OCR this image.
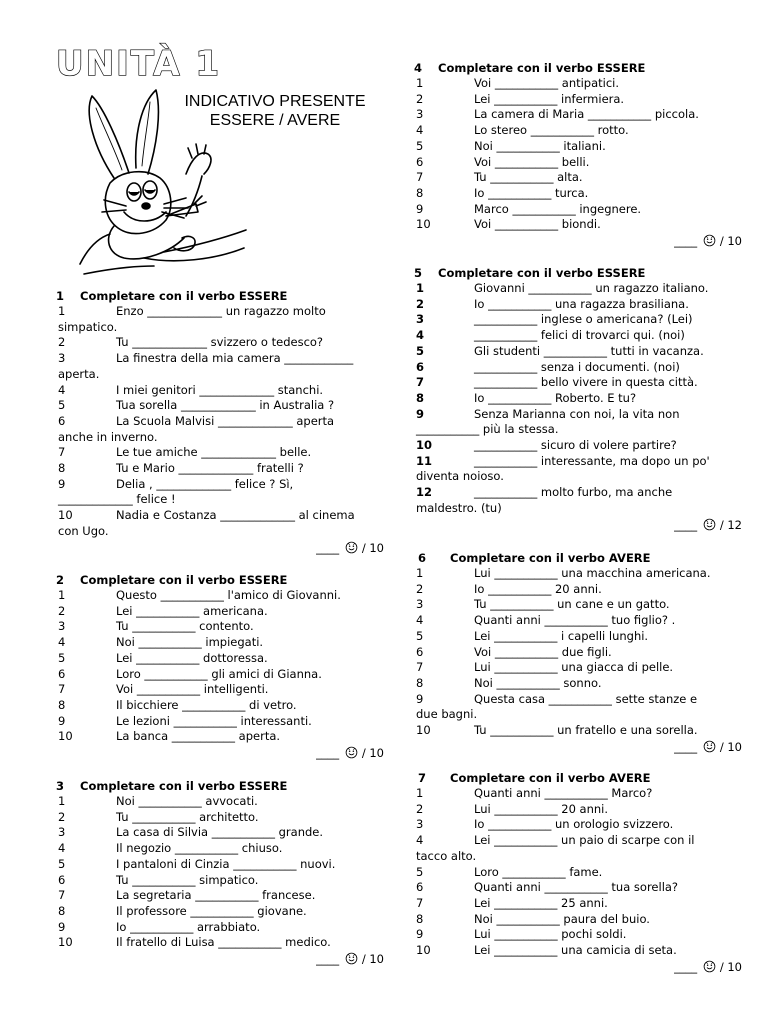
UNITÀ 1
INDICATIVO PRESENTE
ESSERE / AVERE
1 Completare con il verbo ESSERE
1	Enzo _____________ un ragazzo molto
simpatico.
2	Tu _____________ svizzero o tedesco?
3	La finestra della mia camera ____________
aperta.
4	I miei genitori _____________ stanchi.
5	Tua sorella _____________ in Australia ?
6	La Scuola Malvisi _____________ aperta
anche in inverno.
7	Le tue amiche _____________ belle.
8	Tu e Mario _____________ fratelli ?
9	Delia , _____________ felice ? Sì,
_____________ felice !
10	Nadia e Costanza _____________ al cinema
con Ugo.
____ / 10
2 Completare con il verbo ESSERE
1	Questo ___________ l'amico di Giovanni.
2	Lei ___________ americana.
3	Tu ___________ contento.
4	Noi ___________ impiegati.
5	Lei ___________ dottoressa.
6	Loro ___________ gli amici di Gianna.
7	Voi ___________ intelligenti.
8	Il bicchiere ___________ di vetro.
9	Le lezioni ___________ interessanti.
10	La banca ___________ aperta.
____ / 10
3 Completare con il verbo ESSERE
1	Noi ___________ avvocati.
2	Tu ___________ architetto.
3	La casa di Silvia ___________ grande.
4	Il negozio ___________ chiuso.
5	I pantaloni di Cinzia ___________ nuovi.
6	Tu ___________ simpatico.
7	La segretaria ___________ francese.
8	Il professore ___________ giovane.
9	Io ___________ arrabbiato.
10	Il fratello di Luisa ___________ medico.
____ / 10
4 Completare con il verbo ESSERE
1	Voi ___________ antipatici.
2	Lei ___________ infermiera.
3	La camera di Maria ___________ piccola.
4	Lo stereo ___________ rotto.
5	Noi ___________ italiani.
6	Voi ___________ belli.
7	Tu ___________ alta.
8	Io ___________ turca.
9	Marco ___________ ingegnere.
10	Voi ___________ biondi.
____ / 10
5 Completare con il verbo ESSERE
1	Giovanni ___________ un ragazzo italiano.
2	Io ___________ una ragazza brasiliana.
3	___________ inglese o americana? (Lei)
4	___________ felici di trovarci qui. (noi)
5	Gli studenti ___________ tutti in vacanza.
6	___________ senza i documenti. (noi)
7	___________ bello vivere in questa città.
8	Io ___________ Roberto. E tu?
9	Senza Marianna con noi, la vita non
___________ più la stessa.
10	___________ sicuro di volere partire?
11	___________ interessante, ma dopo un po'
diventa noioso.
12	___________ molto furbo, ma anche
maldestro. (tu)
____ / 12
6 Completare con il verbo AVERE
1	Lui ___________ una macchina americana.
2	Io ___________ 20 anni.
3	Tu ___________ un cane e un gatto.
4	Quanti anni ___________ tuo figlio? .
5	Lei ___________ i capelli lunghi.
6	Voi ___________ due figli.
7	Lui ___________ una giacca di pelle.
8	Noi ___________ sonno.
9	Questa casa ___________ sette stanze e
due bagni.
10	Tu ___________ un fratello e una sorella.
____ / 10
7 Completare con il verbo AVERE
1	Quanti anni ___________ Marco?
2	Lui ___________ 20 anni.
3	Io ___________ un orologio svizzero.
4	Lei ___________ un paio di scarpe con il
tacco alto.
5	Loro ___________ fame.
6	Quanti anni ___________ tua sorella?
7	Lei ___________ 25 anni.
8	Noi ___________ paura del buio.
9	Lui ___________ pochi soldi.
10	Lei ___________ una camicia di seta.
____ / 10
